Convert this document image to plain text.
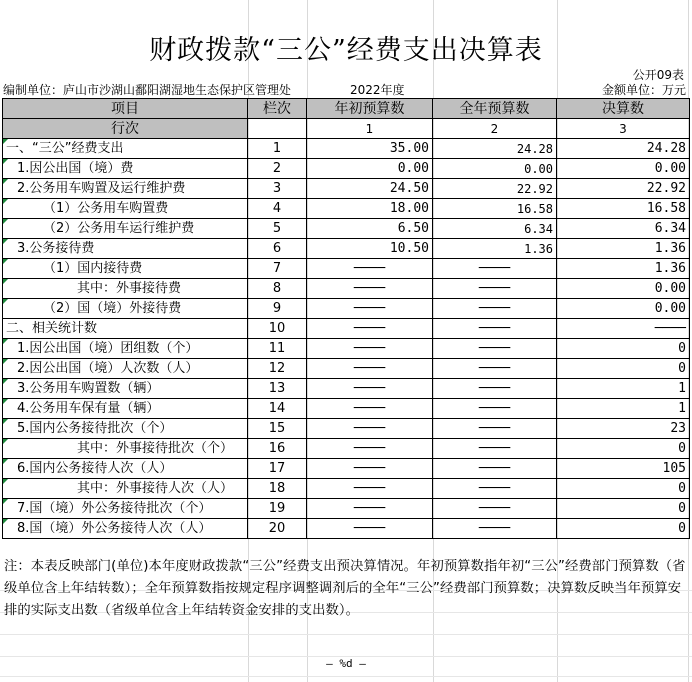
财政拨款“三公”经费支出决算表
公开09表
编制单位：庐山市沙湖山鄱阳湖湿地生态保护区管理处	2022年度	金额单位：万元
项目	栏次	年初预算数	全年预算数	决算数
行次		1	2	3

一、“三公”经费支出	1	35.00	24.28	24.28

1.因公出国（境）费	2	0.00	0.00	0.00

2.公务用车购置及运行维护费	3	24.50	22.92	22.92

（1）公务用车购置费	4	18.00	16.58	16.58

（2）公务用车运行维护费	5	6.50	6.34	6.34

3.公务接待费	6	10.50	1.36	1.36

（1）国内接待费	7	────	────	1.36

其中：外事接待费	8	────	────	0.00

（2）国（境）外接待费	9	────	────	0.00
二、相关统计数	10	────	────	────

1.因公出国（境）团组数（个）	11	────	────	0

2.因公出国（境）人次数（人）	12	────	────	0

3.公务用车购置数（辆）	13	────	────	1

4.公务用车保有量（辆）	14	────	────	1

5.国内公务接待批次（个）	15	────	────	23

其中：外事接待批次（个）	16	────	────	0

6.国内公务接待人次（人）	17	────	────	105

其中：外事接待人次（人）	18	────	────	0

7.国（境）外公务接待批次（个）	19	────	────	0

8.国（境）外公务接待人次（人）	20	────	────	0
注：本表反映部门(单位)本年度财政拨款“三公”经费支出预决算情况。年初预算数指年初“三公”经费部门预算数（省级单位含上年结转数）；全年预算数指按规定程序调整调剂后的全年“三公”经费部门预算数；决算数反映当年预算安排的实际支出数（省级单位含上年结转资金安排的支出数）。
— %d —
